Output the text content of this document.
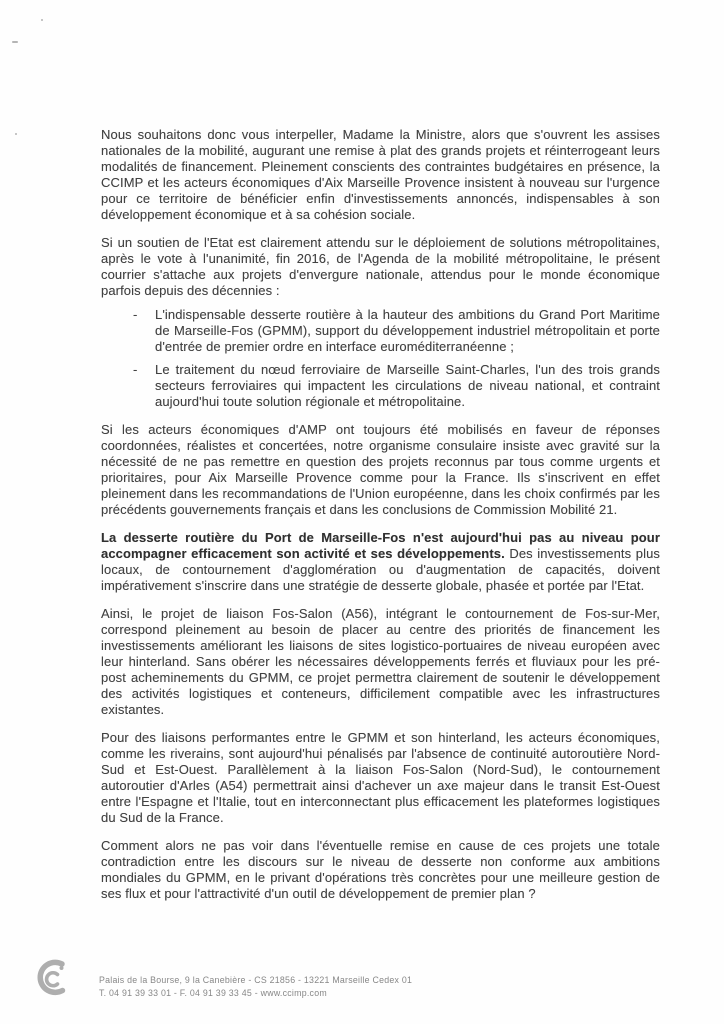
Nous souhaitons donc vous interpeller, Madame la Ministre, alors que s'ouvrent les assises nationales de la mobilité, augurant une remise à plat des grands projets et réinterrogeant leurs modalités de financement. Pleinement conscients des contraintes budgétaires en présence, la CCIMP et les acteurs économiques d'Aix Marseille Provence insistent à nouveau sur l'urgence pour ce territoire de bénéficier enfin d'investissements annoncés, indispensables à son développement économique et à sa cohésion sociale.

Si un soutien de l'Etat est clairement attendu sur le déploiement de solutions métropolitaines, après le vote à l'unanimité, fin 2016, de l'Agenda de la mobilité métropolitaine, le présent courrier s'attache aux projets d'envergure nationale, attendus pour le monde économique parfois depuis des décennies :

- L'indispensable desserte routière à la hauteur des ambitions du Grand Port Maritime de Marseille-Fos (GPMM), support du développement industriel métropolitain et porte d'entrée de premier ordre en interface euroméditerranéenne ;
- Le traitement du nœud ferroviaire de Marseille Saint-Charles, l'un des trois grands secteurs ferroviaires qui impactent les circulations de niveau national, et contraint aujourd'hui toute solution régionale et métropolitaine.

Si les acteurs économiques d'AMP ont toujours été mobilisés en faveur de réponses coordonnées, réalistes et concertées, notre organisme consulaire insiste avec gravité sur la nécessité de ne pas remettre en question des projets reconnus par tous comme urgents et prioritaires, pour Aix Marseille Provence comme pour la France. Ils s'inscrivent en effet pleinement dans les recommandations de l'Union européenne, dans les choix confirmés par les précédents gouvernements français et dans les conclusions de Commission Mobilité 21.

La desserte routière du Port de Marseille-Fos n'est aujourd'hui pas au niveau pour accompagner efficacement son activité et ses développements. Des investissements plus locaux, de contournement d'agglomération ou d'augmentation de capacités, doivent impérativement s'inscrire dans une stratégie de desserte globale, phasée et portée par l'Etat.

Ainsi, le projet de liaison Fos-Salon (A56), intégrant le contournement de Fos-sur-Mer, correspond pleinement au besoin de placer au centre des priorités de financement les investissements améliorant les liaisons de sites logistico-portuaires de niveau européen avec leur hinterland. Sans obérer les nécessaires développements ferrés et fluviaux pour les pré-post acheminements du GPMM, ce projet permettra clairement de soutenir le développement des activités logistiques et conteneurs, difficilement compatible avec les infrastructures existantes.

Pour des liaisons performantes entre le GPMM et son hinterland, les acteurs économiques, comme les riverains, sont aujourd'hui pénalisés par l'absence de continuité autoroutière Nord-Sud et Est-Ouest. Parallèlement à la liaison Fos-Salon (Nord-Sud), le contournement autoroutier d'Arles (A54) permettrait ainsi d'achever un axe majeur dans le transit Est-Ouest entre l'Espagne et l'Italie, tout en interconnectant plus efficacement les plateformes logistiques du Sud de la France.

Comment alors ne pas voir dans l'éventuelle remise en cause de ces projets une totale contradiction entre les discours sur le niveau de desserte non conforme aux ambitions mondiales du GPMM, en le privant d'opérations très concrètes pour une meilleure gestion de ses flux et pour l'attractivité d'un outil de développement de premier plan ?

Palais de la Bourse, 9 la Canebière - CS 21856 - 13221 Marseille Cedex 01
T. 04 91 39 33 01 - F. 04 91 39 33 45 - www.ccimp.com
